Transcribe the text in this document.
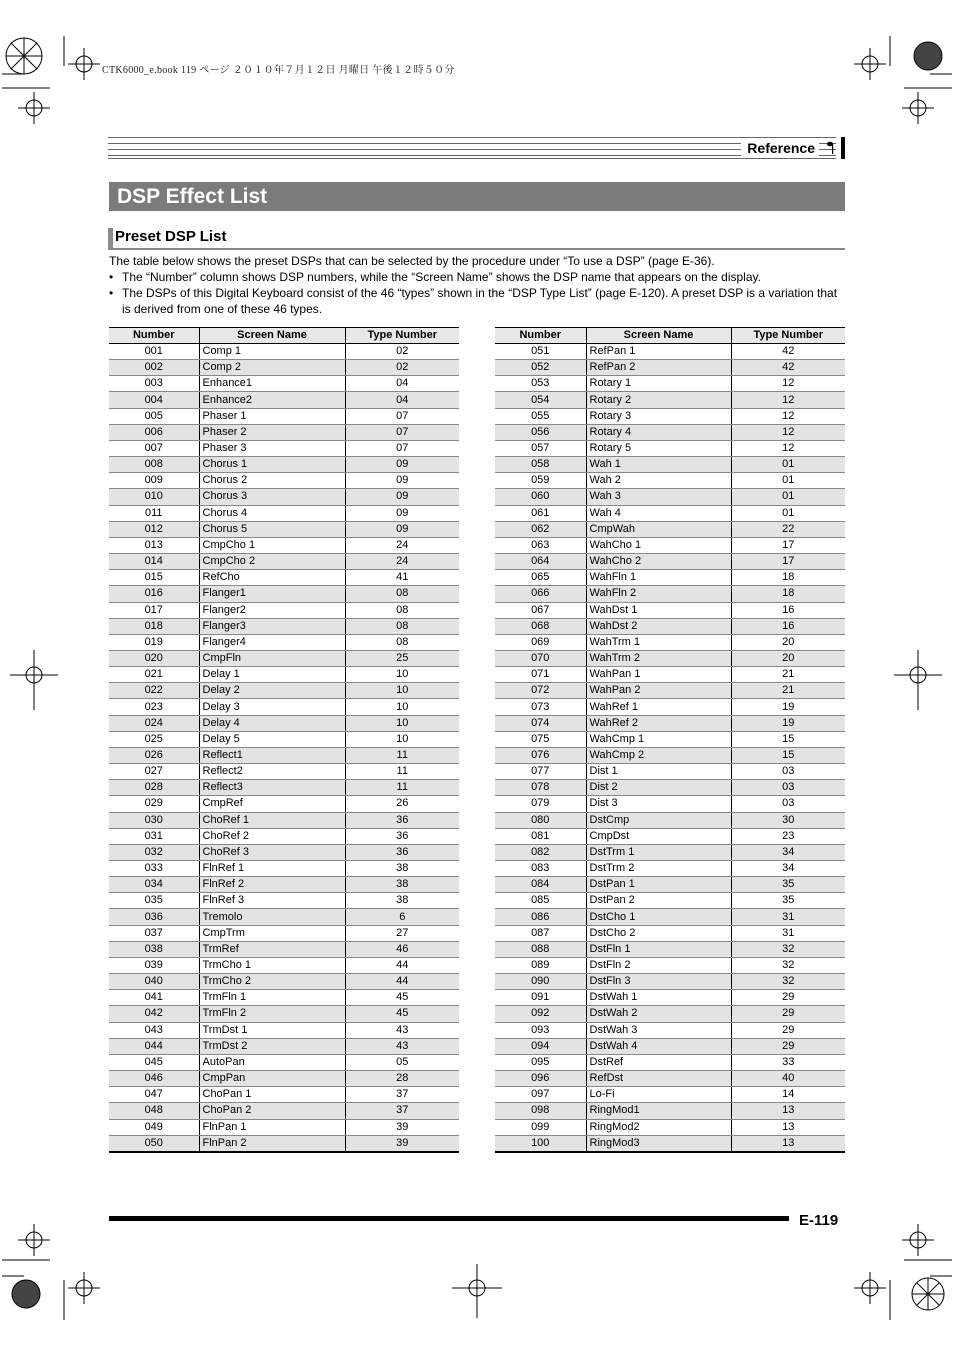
CTK6000_e.book 119 ページ ２０１０年７月１２日 月曜日 午後１２時５０分
Reference
DSP Effect List
Preset DSP List

The table below shows the preset DSPs that can be selected by the procedure under “To use a DSP” (page E-36).

• The “Number” column shows DSP numbers, while the “Screen Name” shows the DSP name that appears on the display.

• The DSPs of this Digital Keyboard consist of the 46 “types” shown in the “DSP Type List” (page E-120). A preset DSP is a variation that is derived from one of these 46 types.

Number	Screen Name	Type Number
001	Comp 1	02
002	Comp 2	02
003	Enhance1	04
004	Enhance2	04
005	Phaser 1	07
006	Phaser 2	07
007	Phaser 3	07
008	Chorus 1	09
009	Chorus 2	09
010	Chorus 3	09
011	Chorus 4	09
012	Chorus 5	09
013	CmpCho 1	24
014	CmpCho 2	24
015	RefCho	41
016	Flanger1	08
017	Flanger2	08
018	Flanger3	08
019	Flanger4	08
020	CmpFln	25
021	Delay 1	10
022	Delay 2	10
023	Delay 3	10
024	Delay 4	10
025	Delay 5	10
026	Reflect1	11
027	Reflect2	11
028	Reflect3	11
029	CmpRef	26
030	ChoRef 1	36
031	ChoRef 2	36
032	ChoRef 3	36
033	FlnRef 1	38
034	FlnRef 2	38
035	FlnRef 3	38
036	Tremolo	6
037	CmpTrm	27
038	TrmRef	46
039	TrmCho 1	44
040	TrmCho 2	44
041	TrmFln 1	45
042	TrmFln 2	45
043	TrmDst 1	43
044	TrmDst 2	43
045	AutoPan	05
046	CmpPan	28
047	ChoPan 1	37
048	ChoPan 2	37
049	FlnPan 1	39
050	FlnPan 2	39
Number	Screen Name	Type Number
051	RefPan 1	42
052	RefPan 2	42
053	Rotary 1	12
054	Rotary 2	12
055	Rotary 3	12
056	Rotary 4	12
057	Rotary 5	12
058	Wah 1	01
059	Wah 2	01
060	Wah 3	01
061	Wah 4	01
062	CmpWah	22
063	WahCho 1	17
064	WahCho 2	17
065	WahFln 1	18
066	WahFln 2	18
067	WahDst 1	16
068	WahDst 2	16
069	WahTrm 1	20
070	WahTrm 2	20
071	WahPan 1	21
072	WahPan 2	21
073	WahRef 1	19
074	WahRef 2	19
075	WahCmp 1	15
076	WahCmp 2	15
077	Dist 1	03
078	Dist 2	03
079	Dist 3	03
080	DstCmp	30
081	CmpDst	23
082	DstTrm 1	34
083	DstTrm 2	34
084	DstPan 1	35
085	DstPan 2	35
086	DstCho 1	31
087	DstCho 2	31
088	DstFln 1	32
089	DstFln 2	32
090	DstFln 3	32
091	DstWah 1	29
092	DstWah 2	29
093	DstWah 3	29
094	DstWah 4	29
095	DstRef	33
096	RefDst	40
097	Lo-Fi	14
098	RingMod1	13
099	RingMod2	13
100	RingMod3	13
E-119
